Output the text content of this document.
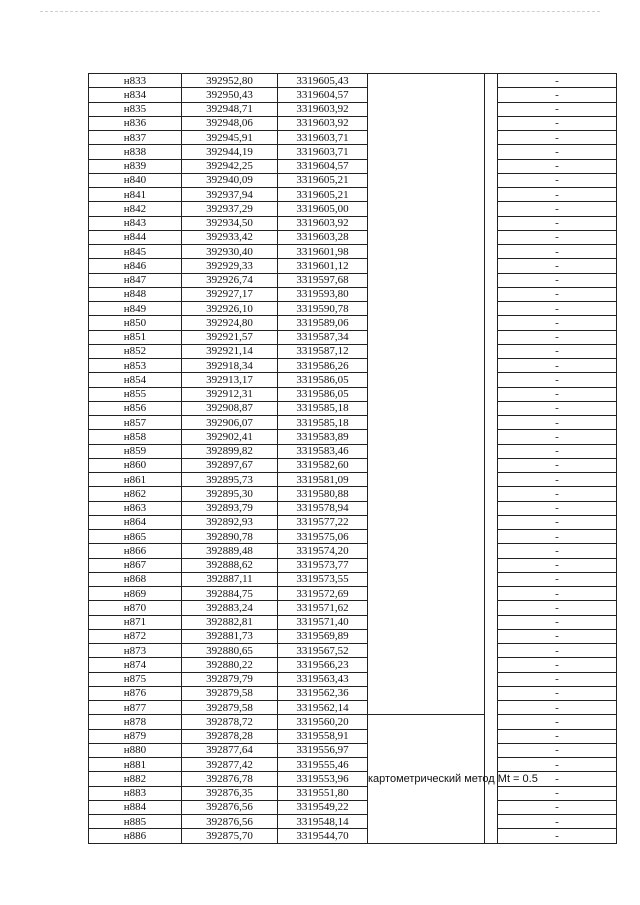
н833	392952,80	3319605,43			-
н834	392950,43	3319604,57			-
н835	392948,71	3319603,92			-
н836	392948,06	3319603,92			-
н837	392945,91	3319603,71			-
н838	392944,19	3319603,71			-
н839	392942,25	3319604,57			-
н840	392940,09	3319605,21			-
н841	392937,94	3319605,21			-
н842	392937,29	3319605,00			-
н843	392934,50	3319603,92			-
н844	392933,42	3319603,28			-
н845	392930,40	3319601,98			-
н846	392929,33	3319601,12			-
н847	392926,74	3319597,68			-
н848	392927,17	3319593,80			-
н849	392926,10	3319590,78			-
н850	392924,80	3319589,06			-
н851	392921,57	3319587,34			-
н852	392921,14	3319587,12			-
н853	392918,34	3319586,26			-
н854	392913,17	3319586,05			-
н855	392912,31	3319586,05			-
н856	392908,87	3319585,18			-
н857	392906,07	3319585,18			-
н858	392902,41	3319583,89			-
н859	392899,82	3319583,46			-
н860	392897,67	3319582,60			-
н861	392895,73	3319581,09			-
н862	392895,30	3319580,88			-
н863	392893,79	3319578,94			-
н864	392892,93	3319577,22			-
н865	392890,78	3319575,06			-
н866	392889,48	3319574,20			-
н867	392888,62	3319573,77			-
н868	392887,11	3319573,55			-
н869	392884,75	3319572,69			-
н870	392883,24	3319571,62			-
н871	392882,81	3319571,40			-
н872	392881,73	3319569,89			-
н873	392880,65	3319567,52			-
н874	392880,22	3319566,23			-
н875	392879,79	3319563,43			-
н876	392879,58	3319562,36			-
н877	392879,58	3319562,14			-
н878	392878,72	3319560,20	картометрический метод Mt = 0.5		-
н879	392878,28	3319558,91			-
н880	392877,64	3319556,97			-
н881	392877,42	3319555,46			-
н882	392876,78	3319553,96			-
н883	392876,35	3319551,80			-
н884	392876,56	3319549,22			-
н885	392876,56	3319548,14			-
н886	392875,70	3319544,70			-
